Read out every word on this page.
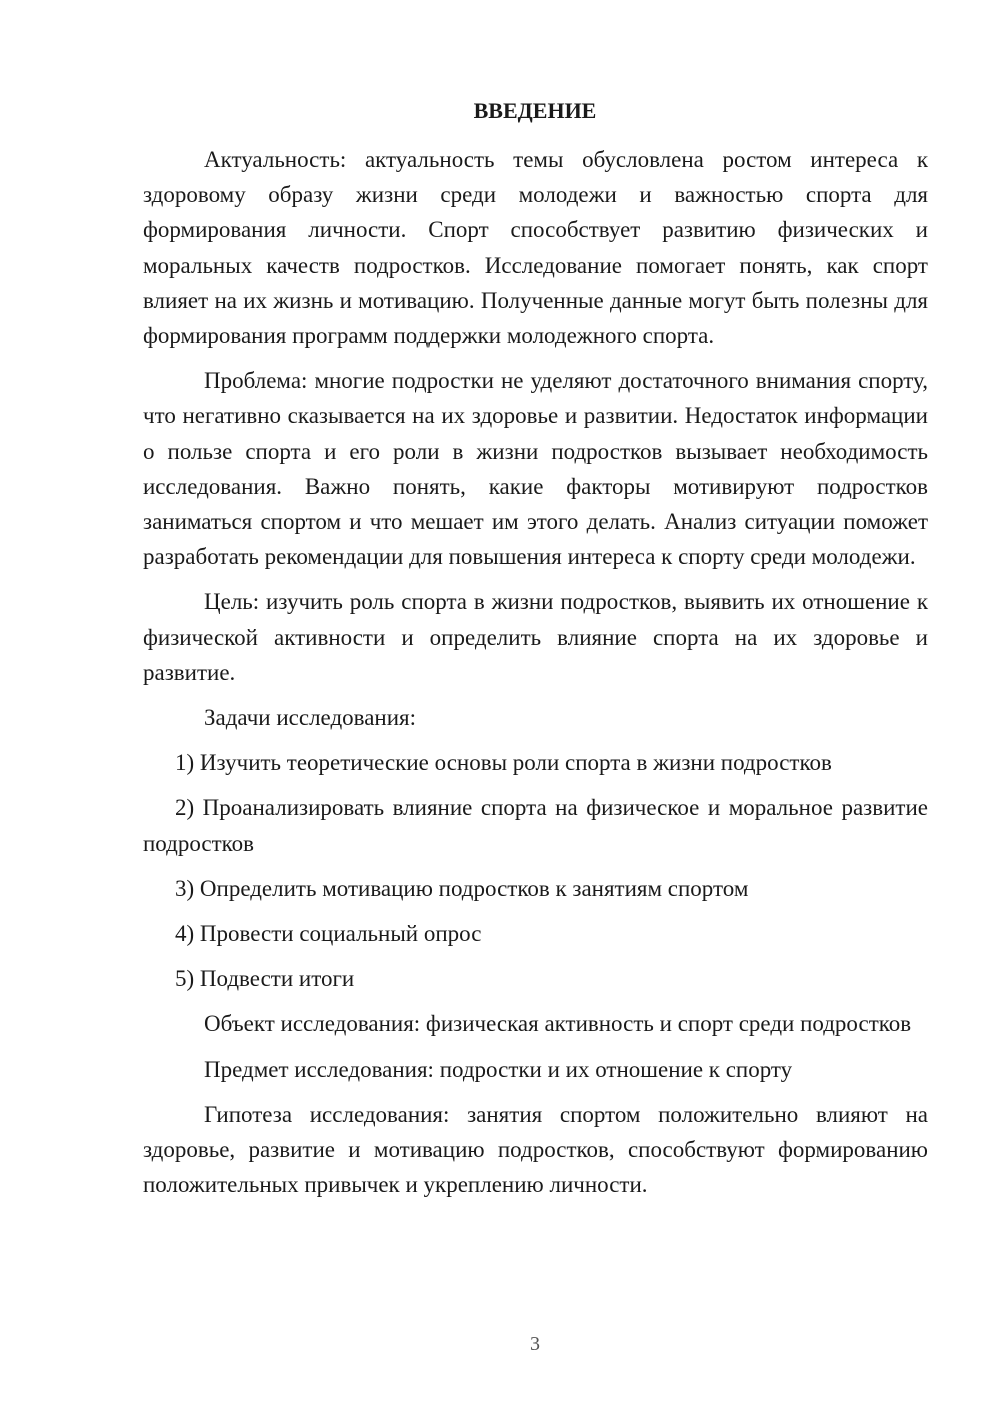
ВВЕДЕНИЕ

Актуальность: актуальность темы обусловлена ростом интереса к здоровому образу жизни среди молодежи и важностью спорта для формирования личности. Спорт способствует развитию физических и моральных качеств подростков. Исследование помогает понять, как спорт влияет на их жизнь и мотивацию. Полученные данные могут быть полезны для формирования программ поддержки молодежного спорта.

Проблема: многие подростки не уделяют достаточного внимания спорту, что негативно сказывается на их здоровье и развитии. Недостаток информации о пользе спорта и его роли в жизни подростков вызывает необходимость исследования. Важно понять, какие факторы мотивируют подростков заниматься спортом и что мешает им этого делать. Анализ ситуации поможет разработать рекомендации для повышения интереса к спорту среди молодежи.

Цель: изучить роль спорта в жизни подростков, выявить их отношение к физической активности и определить влияние спорта на их здоровье и развитие.

Задачи исследования:

1) Изучить теоретические основы роли спорта в жизни подростков

2) Проанализировать влияние спорта на физическое и моральное развитие подростков

3) Определить мотивацию подростков к занятиям спортом

4) Провести социальный опрос

5) Подвести итоги

Объект исследования: физическая активность и спорт среди подростков

Предмет исследования: подростки и их отношение к спорту

Гипотеза исследования: занятия спортом положительно влияют на здоровье, развитие и мотивацию подростков, способствуют формированию положительных привычек и укреплению личности.

3
